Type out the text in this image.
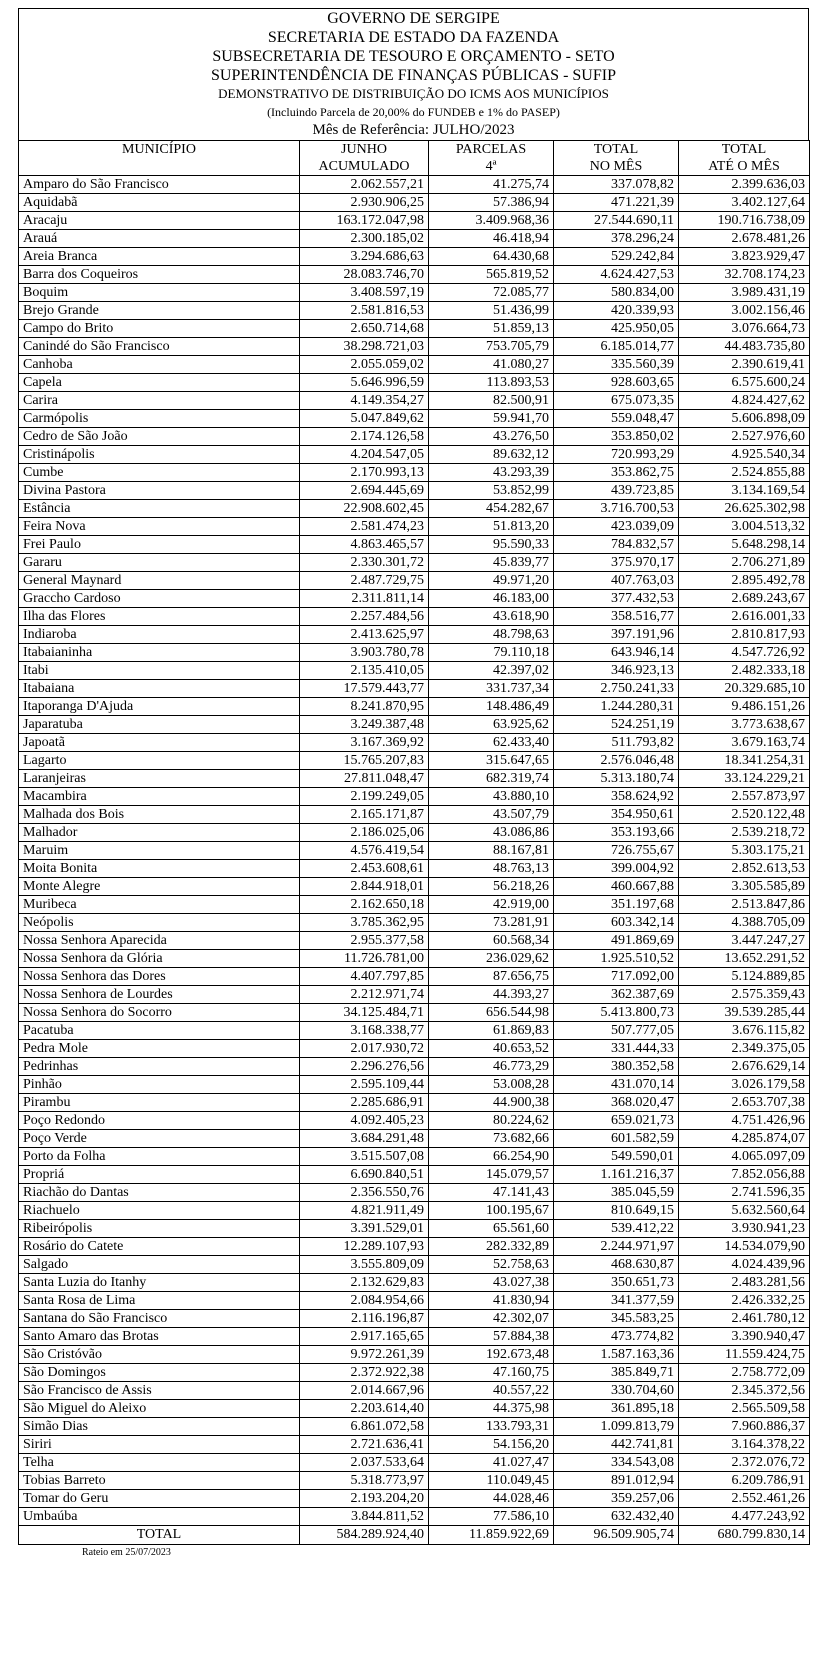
GOVERNO DE SERGIPE
SECRETARIA DE ESTADO DA FAZENDA
SUBSECRETARIA DE TESOURO E ORÇAMENTO - SETO
SUPERINTENDÊNCIA DE FINANÇAS PÚBLICAS - SUFIP
DEMONSTRATIVO DE DISTRIBUIÇÃO DO ICMS AOS MUNICÍPIOS
(Incluindo Parcela de 20,00% do FUNDEB e 1% do PASEP)
Mês de Referência: JULHO/2023
MUNICÍPIO	JUNHO	PARCELAS	TOTAL	TOTAL
	ACUMULADO	4ª	NO MÊS	ATÉ O MÊS
Amparo do São Francisco	2.062.557,21	41.275,74	337.078,82	2.399.636,03
Aquidabã	2.930.906,25	57.386,94	471.221,39	3.402.127,64
Aracaju	163.172.047,98	3.409.968,36	27.544.690,11	190.716.738,09
Arauá	2.300.185,02	46.418,94	378.296,24	2.678.481,26
Areia Branca	3.294.686,63	64.430,68	529.242,84	3.823.929,47
Barra dos Coqueiros	28.083.746,70	565.819,52	4.624.427,53	32.708.174,23
Boquim	3.408.597,19	72.085,77	580.834,00	3.989.431,19
Brejo Grande	2.581.816,53	51.436,99	420.339,93	3.002.156,46
Campo do Brito	2.650.714,68	51.859,13	425.950,05	3.076.664,73
Canindé do São Francisco	38.298.721,03	753.705,79	6.185.014,77	44.483.735,80
Canhoba	2.055.059,02	41.080,27	335.560,39	2.390.619,41
Capela	5.646.996,59	113.893,53	928.603,65	6.575.600,24
Carira	4.149.354,27	82.500,91	675.073,35	4.824.427,62
Carmópolis	5.047.849,62	59.941,70	559.048,47	5.606.898,09
Cedro de São João	2.174.126,58	43.276,50	353.850,02	2.527.976,60
Cristinápolis	4.204.547,05	89.632,12	720.993,29	4.925.540,34
Cumbe	2.170.993,13	43.293,39	353.862,75	2.524.855,88
Divina Pastora	2.694.445,69	53.852,99	439.723,85	3.134.169,54
Estância	22.908.602,45	454.282,67	3.716.700,53	26.625.302,98
Feira Nova	2.581.474,23	51.813,20	423.039,09	3.004.513,32
Frei Paulo	4.863.465,57	95.590,33	784.832,57	5.648.298,14
Gararu	2.330.301,72	45.839,77	375.970,17	2.706.271,89
General Maynard	2.487.729,75	49.971,20	407.763,03	2.895.492,78
Graccho Cardoso	2.311.811,14	46.183,00	377.432,53	2.689.243,67
Ilha das Flores	2.257.484,56	43.618,90	358.516,77	2.616.001,33
Indiaroba	2.413.625,97	48.798,63	397.191,96	2.810.817,93
Itabaianinha	3.903.780,78	79.110,18	643.946,14	4.547.726,92
Itabi	2.135.410,05	42.397,02	346.923,13	2.482.333,18
Itabaiana	17.579.443,77	331.737,34	2.750.241,33	20.329.685,10
Itaporanga D'Ajuda	8.241.870,95	148.486,49	1.244.280,31	9.486.151,26
Japaratuba	3.249.387,48	63.925,62	524.251,19	3.773.638,67
Japoatã	3.167.369,92	62.433,40	511.793,82	3.679.163,74
Lagarto	15.765.207,83	315.647,65	2.576.046,48	18.341.254,31
Laranjeiras	27.811.048,47	682.319,74	5.313.180,74	33.124.229,21
Macambira	2.199.249,05	43.880,10	358.624,92	2.557.873,97
Malhada dos Bois	2.165.171,87	43.507,79	354.950,61	2.520.122,48
Malhador	2.186.025,06	43.086,86	353.193,66	2.539.218,72
Maruim	4.576.419,54	88.167,81	726.755,67	5.303.175,21
Moita Bonita	2.453.608,61	48.763,13	399.004,92	2.852.613,53
Monte Alegre	2.844.918,01	56.218,26	460.667,88	3.305.585,89
Muribeca	2.162.650,18	42.919,00	351.197,68	2.513.847,86
Neópolis	3.785.362,95	73.281,91	603.342,14	4.388.705,09
Nossa Senhora Aparecida	2.955.377,58	60.568,34	491.869,69	3.447.247,27
Nossa Senhora da Glória	11.726.781,00	236.029,62	1.925.510,52	13.652.291,52
Nossa Senhora das Dores	4.407.797,85	87.656,75	717.092,00	5.124.889,85
Nossa Senhora de Lourdes	2.212.971,74	44.393,27	362.387,69	2.575.359,43
Nossa Senhora do Socorro	34.125.484,71	656.544,98	5.413.800,73	39.539.285,44
Pacatuba	3.168.338,77	61.869,83	507.777,05	3.676.115,82
Pedra Mole	2.017.930,72	40.653,52	331.444,33	2.349.375,05
Pedrinhas	2.296.276,56	46.773,29	380.352,58	2.676.629,14
Pinhão	2.595.109,44	53.008,28	431.070,14	3.026.179,58
Pirambu	2.285.686,91	44.900,38	368.020,47	2.653.707,38
Poço Redondo	4.092.405,23	80.224,62	659.021,73	4.751.426,96
Poço Verde	3.684.291,48	73.682,66	601.582,59	4.285.874,07
Porto da Folha	3.515.507,08	66.254,90	549.590,01	4.065.097,09
Propriá	6.690.840,51	145.079,57	1.161.216,37	7.852.056,88
Riachão do Dantas	2.356.550,76	47.141,43	385.045,59	2.741.596,35
Riachuelo	4.821.911,49	100.195,67	810.649,15	5.632.560,64
Ribeirópolis	3.391.529,01	65.561,60	539.412,22	3.930.941,23
Rosário do Catete	12.289.107,93	282.332,89	2.244.971,97	14.534.079,90
Salgado	3.555.809,09	52.758,63	468.630,87	4.024.439,96
Santa Luzia do Itanhy	2.132.629,83	43.027,38	350.651,73	2.483.281,56
Santa Rosa de Lima	2.084.954,66	41.830,94	341.377,59	2.426.332,25
Santana do São Francisco	2.116.196,87	42.302,07	345.583,25	2.461.780,12
Santo Amaro das Brotas	2.917.165,65	57.884,38	473.774,82	3.390.940,47
São Cristóvão	9.972.261,39	192.673,48	1.587.163,36	11.559.424,75
São Domingos	2.372.922,38	47.160,75	385.849,71	2.758.772,09
São Francisco de Assis	2.014.667,96	40.557,22	330.704,60	2.345.372,56
São Miguel do Aleixo	2.203.614,40	44.375,98	361.895,18	2.565.509,58
Simão Dias	6.861.072,58	133.793,31	1.099.813,79	7.960.886,37
Siriri	2.721.636,41	54.156,20	442.741,81	3.164.378,22
Telha	2.037.533,64	41.027,47	334.543,08	2.372.076,72
Tobias Barreto	5.318.773,97	110.049,45	891.012,94	6.209.786,91
Tomar do Geru	2.193.204,20	44.028,46	359.257,06	2.552.461,26
Umbaúba	3.844.811,52	77.586,10	632.432,40	4.477.243,92
TOTAL	584.289.924,40	11.859.922,69	96.509.905,74	680.799.830,14
Rateio em 25/07/2023
